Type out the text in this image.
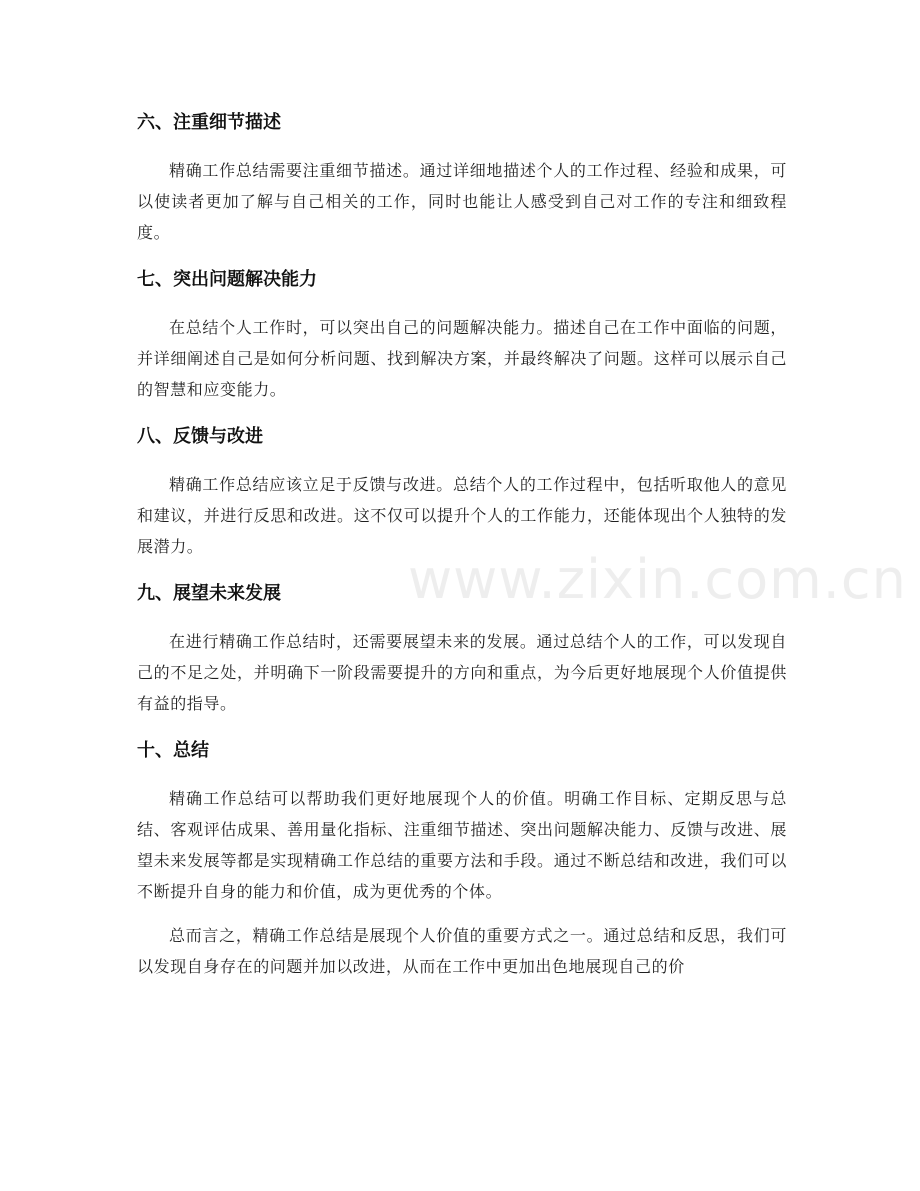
六、注重细节描述

精确工作总结需要注重细节描述。通过详细地描述个人的工作过程、经验和成果，可以使读者更加了解与自己相关的工作，同时也能让人感受到自己对工作的专注和细致程度。

七、突出问题解决能力

在总结个人工作时，可以突出自己的问题解决能力。描述自己在工作中面临的问题，并详细阐述自己是如何分析问题、找到解决方案，并最终解决了问题。这样可以展示自己的智慧和应变能力。

八、反馈与改进

精确工作总结应该立足于反馈与改进。总结个人的工作过程中，包括听取他人的意见和建议，并进行反思和改进。这不仅可以提升个人的工作能力，还能体现出个人独特的发展潜力。

九、展望未来发展

在进行精确工作总结时，还需要展望未来的发展。通过总结个人的工作，可以发现自己的不足之处，并明确下一阶段需要提升的方向和重点，为今后更好地展现个人价值提供有益的指导。

十、总结

精确工作总结可以帮助我们更好地展现个人的价值。明确工作目标、定期反思与总结、客观评估成果、善用量化指标、注重细节描述、突出问题解决能力、反馈与改进、展望未来发展等都是实现精确工作总结的重要方法和手段。通过不断总结和改进，我们可以不断提升自身的能力和价值，成为更优秀的个体。

总而言之，精确工作总结是展现个人价值的重要方式之一。通过总结和反思，我们可以发现自身存在的问题并加以改进，从而在工作中更加出色地展现自己的价

www.zixin.com.cn
